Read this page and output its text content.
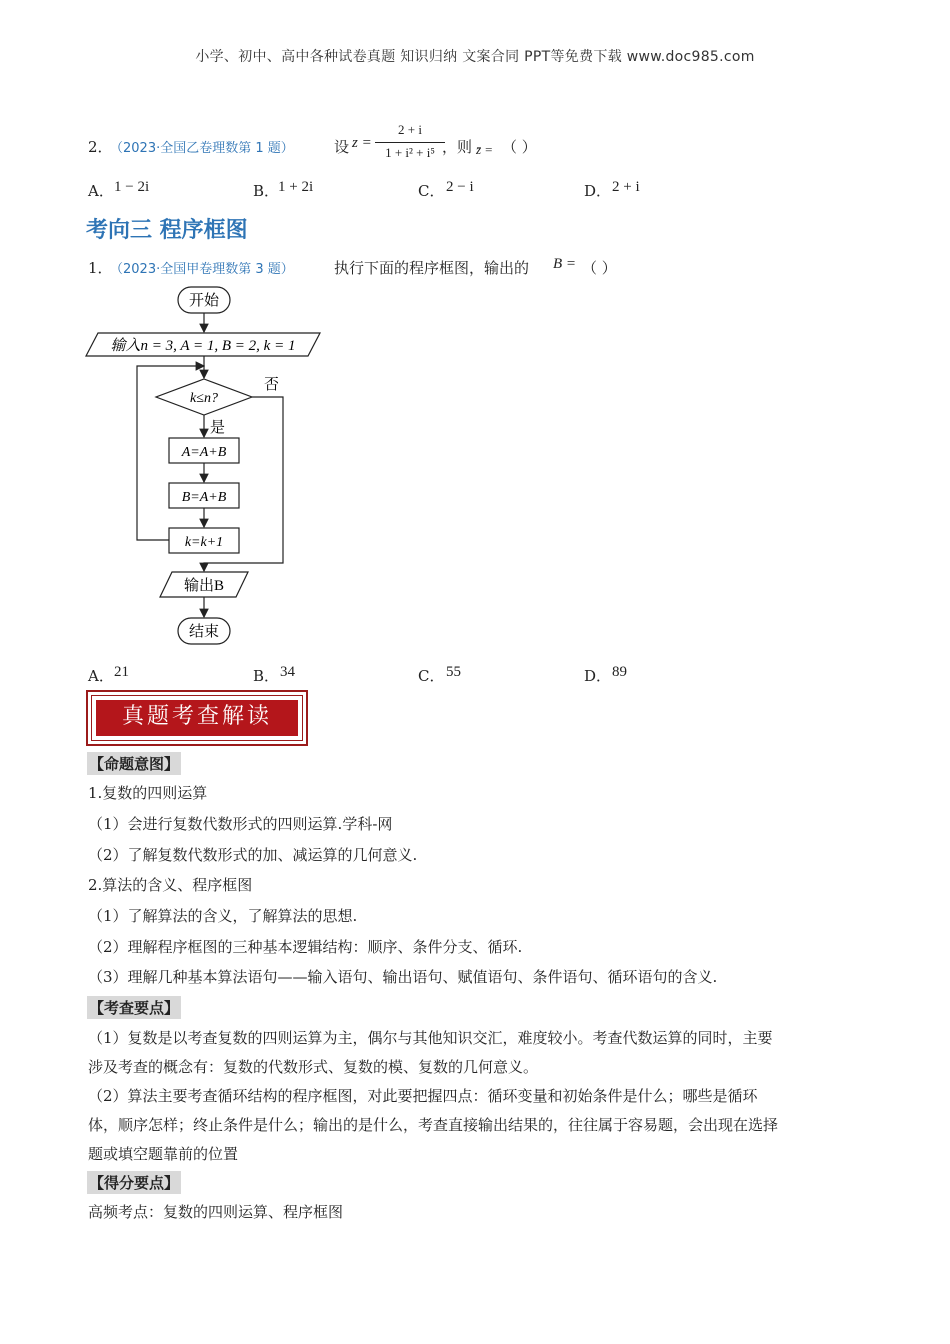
小学、初中、高中各种试卷真题 知识归纳 文案合同 PPT等免费下载 www.doc985.com
2．
（2023·全国乙卷理数第 1 题）	设 z =
2 + i
1 + i² + i⁵ ，则 z̄ = （ ）
A． 1 − 2i	B．
1 + 2i	C． 2 − i	D． 2 + i
考向三 程序框图
1．
（2023·全国甲卷理数第 3 题）	执行下面的程序框图，输出的 B = （ ）
开始
输入n = 3, A = 1, B = 2, k = 1
k≤n?
否
是
A=A+B
B=A+B
k=k+1
输出B
结束
A． 21	B． 34	C． 55	D． 89
真题考查解读
【命题意图】
1.复数的四则运算
（1）会进行复数代数形式的四则运算.学科-网
（2）了解复数代数形式的加、减运算的几何意义.
2.算法的含义、程序框图
（1）了解算法的含义，了解算法的思想.
（2）理解程序框图的三种基本逻辑结构：顺序、条件分支、循环.
（3）理解几种基本算法语句——输入语句、输出语句、赋值语句、条件语句、循环语句的含义.
【考查要点】
（1）复数是以考查复数的四则运算为主，偶尔与其他知识交汇，难度较小。考查代数运算的同时，主要
涉及考查的概念有：复数的代数形式、复数的模、复数的几何意义。
（2）算法主要考查循环结构的程序框图，对此要把握四点：循环变量和初始条件是什么；哪些是循环
体，顺序怎样；终止条件是什么；输出的是什么，考查直接输出结果的，往往属于容易题，会出现在选择
题或填空题靠前的位置
【得分要点】
高频考点：复数的四则运算、程序框图
